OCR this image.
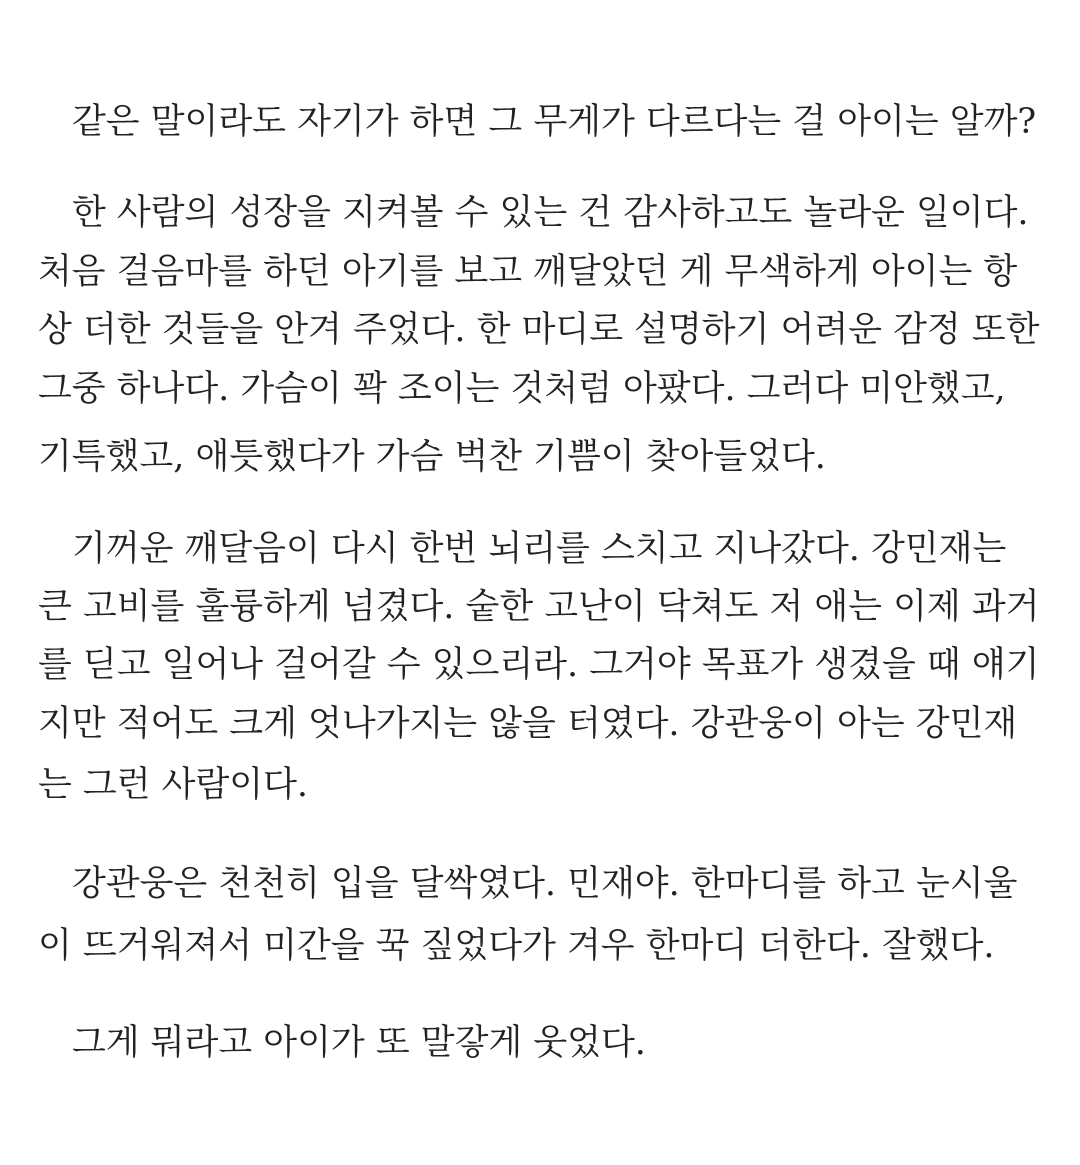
같은 말이라도 자기가 하면 그 무게가 다르다는 걸 아이는 알까?
한 사람의 성장을 지켜볼 수 있는 건 감사하고도 놀라운 일이다.
처음 걸음마를 하던 아기를 보고 깨달았던 게 무색하게 아이는 항
상 더한 것들을 안겨 주었다. 한 마디로 설명하기 어려운 감정 또한
그중 하나다. 가슴이 꽉 조이는 것처럼 아팠다. 그러다 미안했고,
기특했고, 애틋했다가 가슴 벅찬 기쁨이 찾아들었다.
기꺼운 깨달음이 다시 한번 뇌리를 스치고 지나갔다. 강민재는
큰 고비를 훌륭하게 넘겼다. 숱한 고난이 닥쳐도 저 애는 이제 과거
를 딛고 일어나 걸어갈 수 있으리라. 그거야 목표가 생겼을 때 얘기
지만 적어도 크게 엇나가지는 않을 터였다. 강관웅이 아는 강민재
는 그런 사람이다.
강관웅은 천천히 입을 달싹였다. 민재야. 한마디를 하고 눈시울
이 뜨거워져서 미간을 꾹 짚었다가 겨우 한마디 더한다. 잘했다.
그게 뭐라고 아이가 또 말갛게 웃었다.
